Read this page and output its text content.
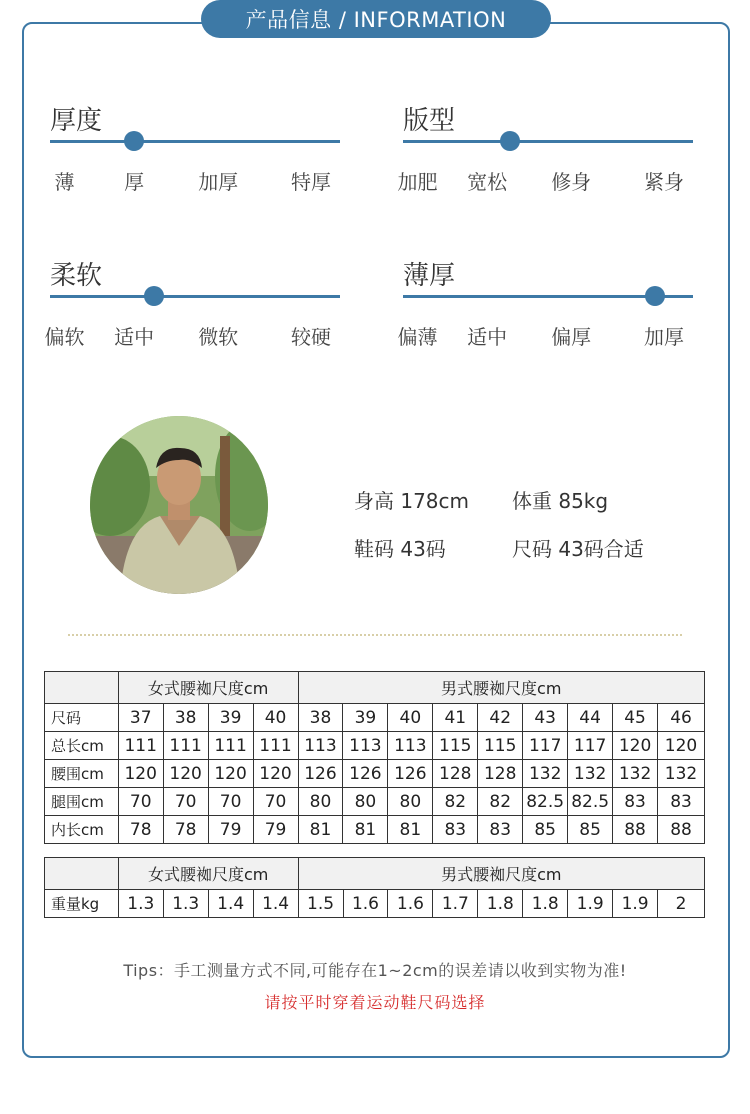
产品信息 / INFORMATION
厚度
薄 厚	加厚	特厚
版型
加肥 宽松 修身	紧身
柔软
偏软 适中 微软	较硬
薄厚
偏薄 适中 偏厚	加厚
身高 178cm 体重 85kg
鞋码 43码	尺码 43码合适
	女式腰袽尺度cm				男式腰袽尺度cm								
尺码	37	38	39	40	38	39	40	41	42	43	44	45	46
总长cm	111	111	111	111	113	113	113	115	115	117	117	120	120
腰围cm	120	120	120	120	126	126	126	128	128	132	132	132	132
腿围cm	70	70	70	70	80	80	80	82	82	82.5	82.5	83	83
内长cm	78	78	79	79	81	81	81	83	83	85	85	88	88
	女式腰袽尺度cm				男式腰袽尺度cm								
重量kg	1.3	1.3	1.4	1.4	1.5	1.6	1.6	1.7	1.8	1.8	1.9	1.9	2
Tips：手工测量方式不同,可能存在1~2cm的误差请以收到实物为准!
请按平时穿着运动鞋尺码选择
